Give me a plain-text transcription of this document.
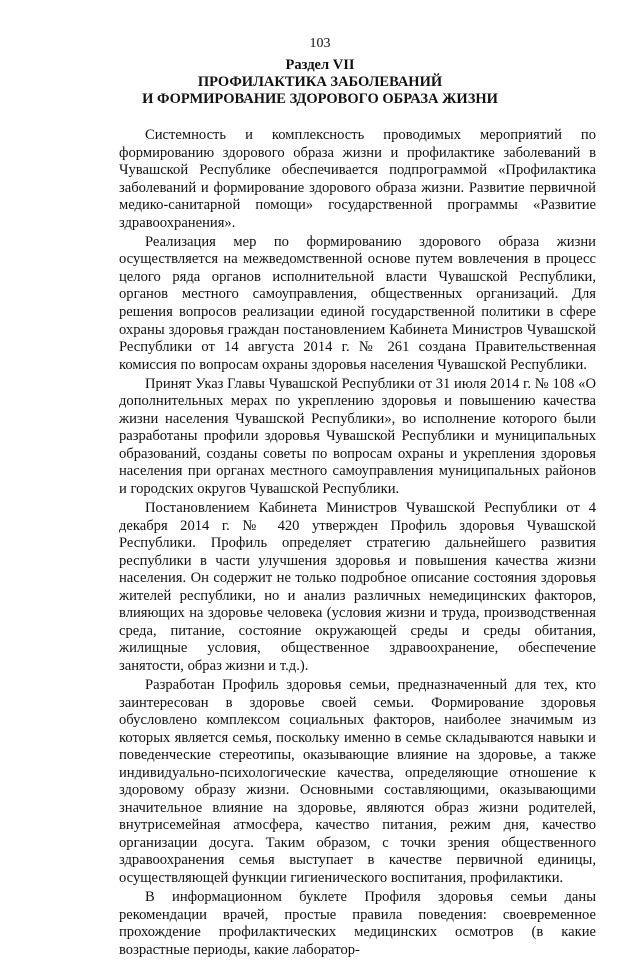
103
Раздел VII
ПРОФИЛАКТИКА ЗАБОЛЕВАНИЙ
И ФОРМИРОВАНИЕ ЗДОРОВОГО ОБРАЗА ЖИЗНИ

Системность и комплексность проводимых мероприятий по формированию здорового образа жизни и профилактике заболеваний в Чувашской Республике обеспечивается подпрограммой «Профилактика заболеваний и формирование здорового образа жизни. Развитие первичной медико-санитарной помощи» государственной программы «Развитие здравоохранения».

Реализация мер по формированию здорового образа жизни осуществляется на межведомственной основе путем вовлечения в процесс целого ряда органов исполнительной власти Чувашской Республики, органов местного самоуправления, общественных организаций. Для решения вопросов реализации единой государственной политики в сфере охраны здоровья граждан постановлением Кабинета Министров Чувашской Республики от 14 августа 2014 г. № 261 создана Правительственная комиссия по вопросам охраны здоровья населения Чувашской Республики.

Принят Указ Главы Чувашской Республики от 31 июля 2014 г. № 108 «О дополнительных мерах по укреплению здоровья и повышению качества жизни населения Чувашской Республики», во исполнение которого были разработаны профили здоровья Чувашской Республики и муниципальных образований, созданы советы по вопросам охраны и укрепления здоровья населения при органах местного самоуправления муниципальных районов и городских округов Чувашской Республики.

Постановлением Кабинета Министров Чувашской Республики от 4 декабря 2014 г. № 420 утвержден Профиль здоровья Чувашской Республики. Профиль определяет стратегию дальнейшего развития республики в части улучшения здоровья и повышения качества жизни населения. Он содержит не только подробное описание состояния здоровья жителей республики, но и анализ различных немедицинских факторов, влияющих на здоровье человека (условия жизни и труда, производственная среда, питание, состояние окружающей среды и среды обитания, жилищные условия, общественное здравоохранение, обеспечение занятости, образ жизни и т.д.).

Разработан Профиль здоровья семьи, предназначенный для тех, кто заинтересован в здоровье своей семьи. Формирование здоровья обусловлено комплексом социальных факторов, наиболее значимым из которых является семья, поскольку именно в семье складываются навыки и поведенческие стереотипы, оказывающие влияние на здоровье, а также индивидуально-психологические качества, определяющие отношение к здоровому образу жизни. Основными составляющими, оказывающими значительное влияние на здоровье, являются образ жизни родителей, внутрисемейная атмосфера, качество питания, режим дня, качество организации досуга. Таким образом, с точки зрения общественного здравоохранения семья выступает в качестве первичной единицы, осуществляющей функции гигиенического воспитания, профилактики.

В информационном буклете Профиля здоровья семьи даны рекомендации врачей, простые правила поведения: своевременное прохождение профилактических медицинских осмотров (в какие возрастные периоды, какие лаборатор-
